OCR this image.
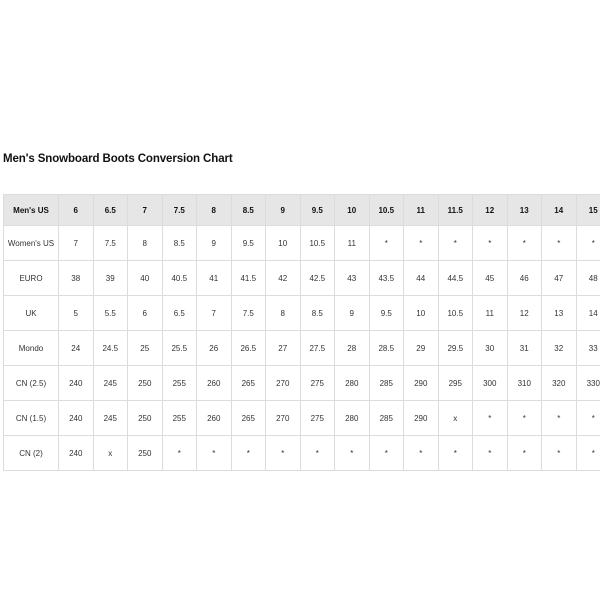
Men's Snowboard Boots Conversion Chart
Men's US	6	6.5	7	7.5	8	8.5	9	9.5	10	10.5	11	11.5	12	13	14	15
Women's US	7	7.5	8	8.5	9	9.5	10	10.5	11	*	*	*	*	*	*	*
EURO	38	39	40	40.5	41	41.5	42	42.5	43	43.5	44	44.5	45	46	47	48
UK	5	5.5	6	6.5	7	7.5	8	8.5	9	9.5	10	10.5	11	12	13	14
Mondo	24	24.5	25	25.5	26	26.5	27	27.5	28	28.5	29	29.5	30	31	32	33
CN (2.5)	240	245	250	255	260	265	270	275	280	285	290	295	300	310	320	330
CN (1.5)	240	245	250	255	260	265	270	275	280	285	290	x	*	*	*	*
CN (2)	240	x	250	*	*	*	*	*	*	*	*	*	*	*	*	*
